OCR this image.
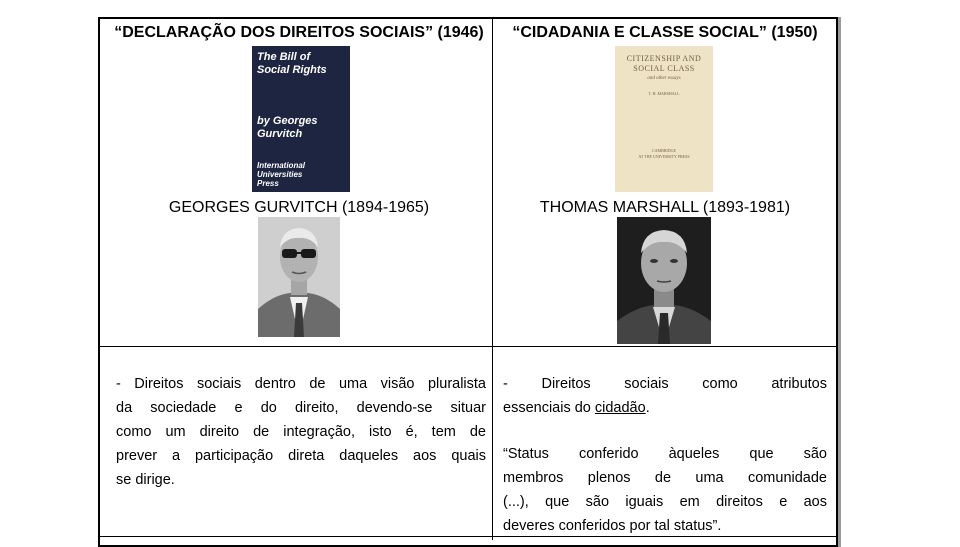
“DECLARAÇÃO DOS DIREITOS SOCIAIS” (1946)
The Bill of
Social Rights
by Georges
Gurvitch
International Universities
Press
GEORGES GURVITCH (1894-1965)
“CIDADANIA E CLASSE SOCIAL” (1950)
CITIZENSHIP AND
SOCIAL CLASS
and other essays
T. H. MARSHALL
CAMBRIDGE
AT THE UNIVERSITY PRESS
THOMAS MARSHALL (1893-1981)
- Direitos sociais dentro de uma visão pluralista
da sociedade e do direito, devendo-se situar
como um direito de integração, isto é, tem de
prever a participação direta daqueles aos quais
se dirige.
- Direitos sociais como atributos
essenciais do cidadão.
“Status conferido àqueles que são
membros plenos de uma comunidade
(...), que são iguais em direitos e aos
deveres conferidos por tal status”.
